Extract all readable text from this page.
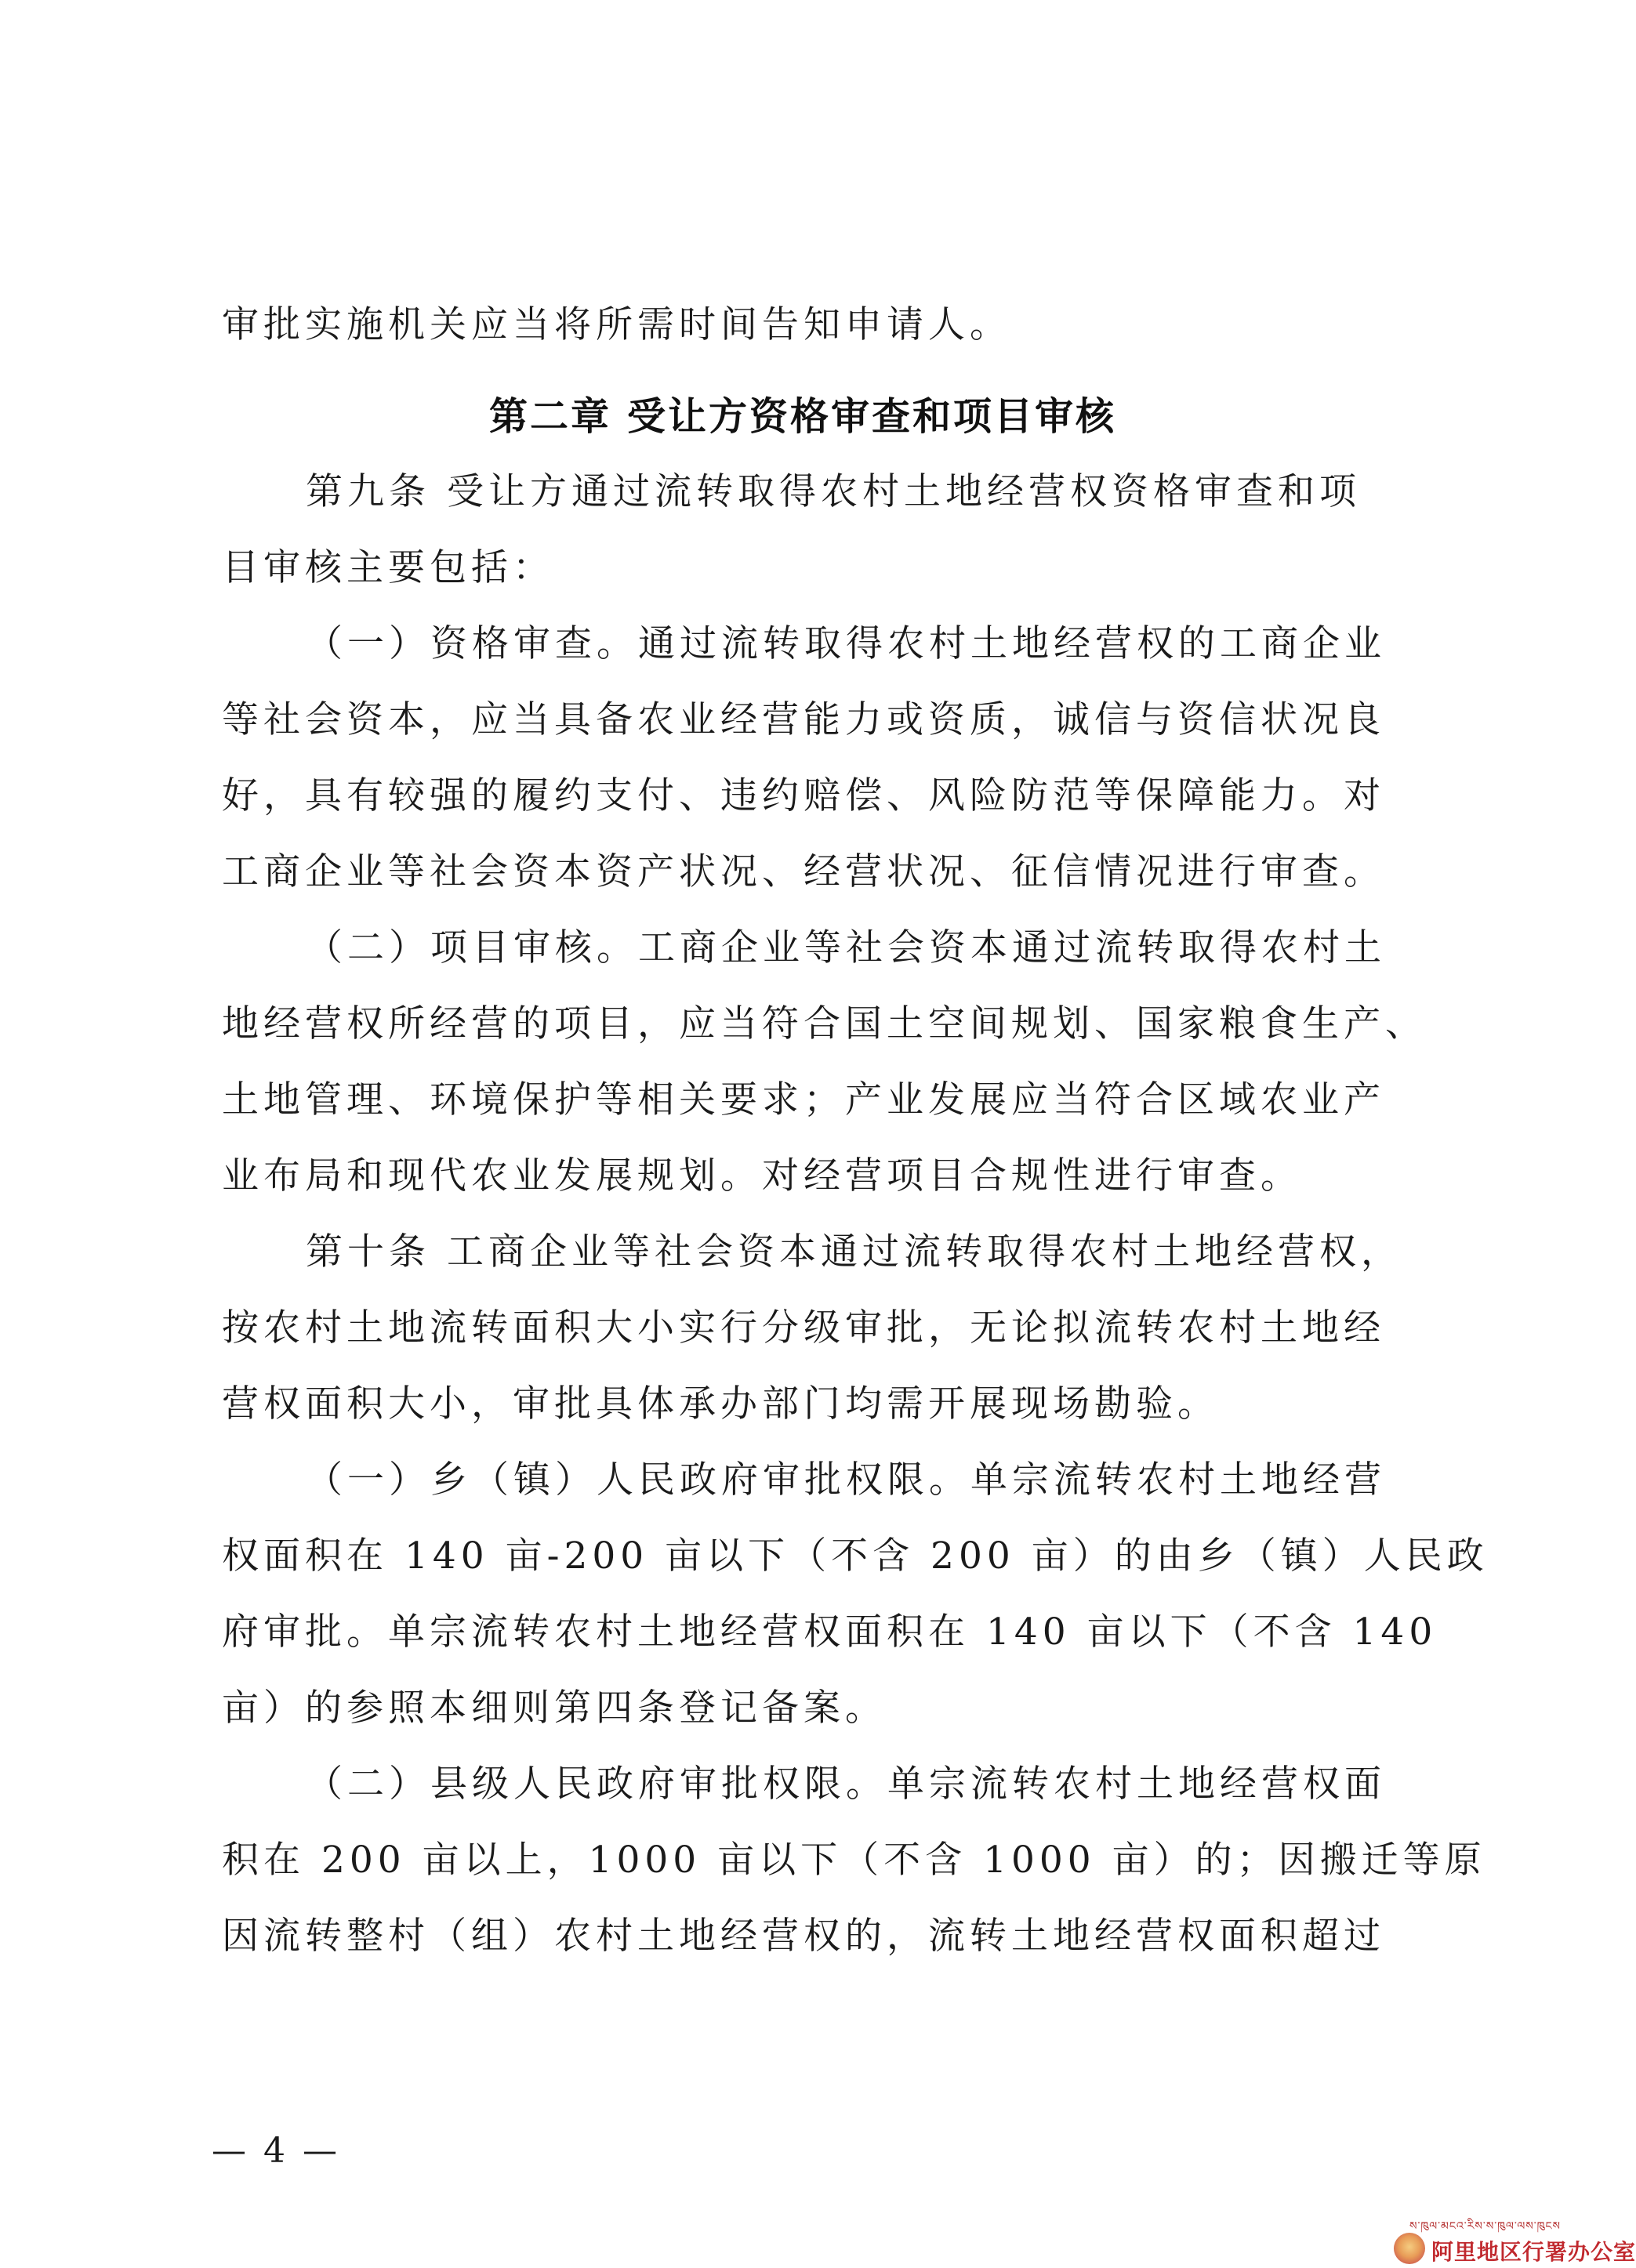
审批实施机关应当将所需时间告知申请人。
第二章 受让方资格审查和项目审核
第九条 受让方通过流转取得农村土地经营权资格审查和项
目审核主要包括：
（一）资格审查。通过流转取得农村土地经营权的工商企业
等社会资本，应当具备农业经营能力或资质，诚信与资信状况良
好，具有较强的履约支付、违约赔偿、风险防范等保障能力。对
工商企业等社会资本资产状况、经营状况、征信情况进行审查。
（二）项目审核。工商企业等社会资本通过流转取得农村土
地经营权所经营的项目，应当符合国土空间规划、国家粮食生产、
土地管理、环境保护等相关要求；产业发展应当符合区域农业产
业布局和现代农业发展规划。对经营项目合规性进行审查。
第十条 工商企业等社会资本通过流转取得农村土地经营权，
按农村土地流转面积大小实行分级审批，无论拟流转农村土地经
营权面积大小，审批具体承办部门均需开展现场勘验。
（一）乡（镇）人民政府审批权限。单宗流转农村土地经营
权面积在 140 亩-200 亩以下（不含 200 亩）的由乡（镇）人民政
府审批。单宗流转农村土地经营权面积在 140 亩以下（不含 140
亩）的参照本细则第四条登记备案。
（二）县级人民政府审批权限。单宗流转农村土地经营权面
积在 200 亩以上，1000 亩以下（不含 1000 亩）的；因搬迁等原
因流转整村（组）农村土地经营权的，流转土地经营权面积超过
— 4 —
ས་ཁུལ་མངའ་རིས་ས་ཁུལ་ལས་ཁུངས
阿里地区行署办公室
